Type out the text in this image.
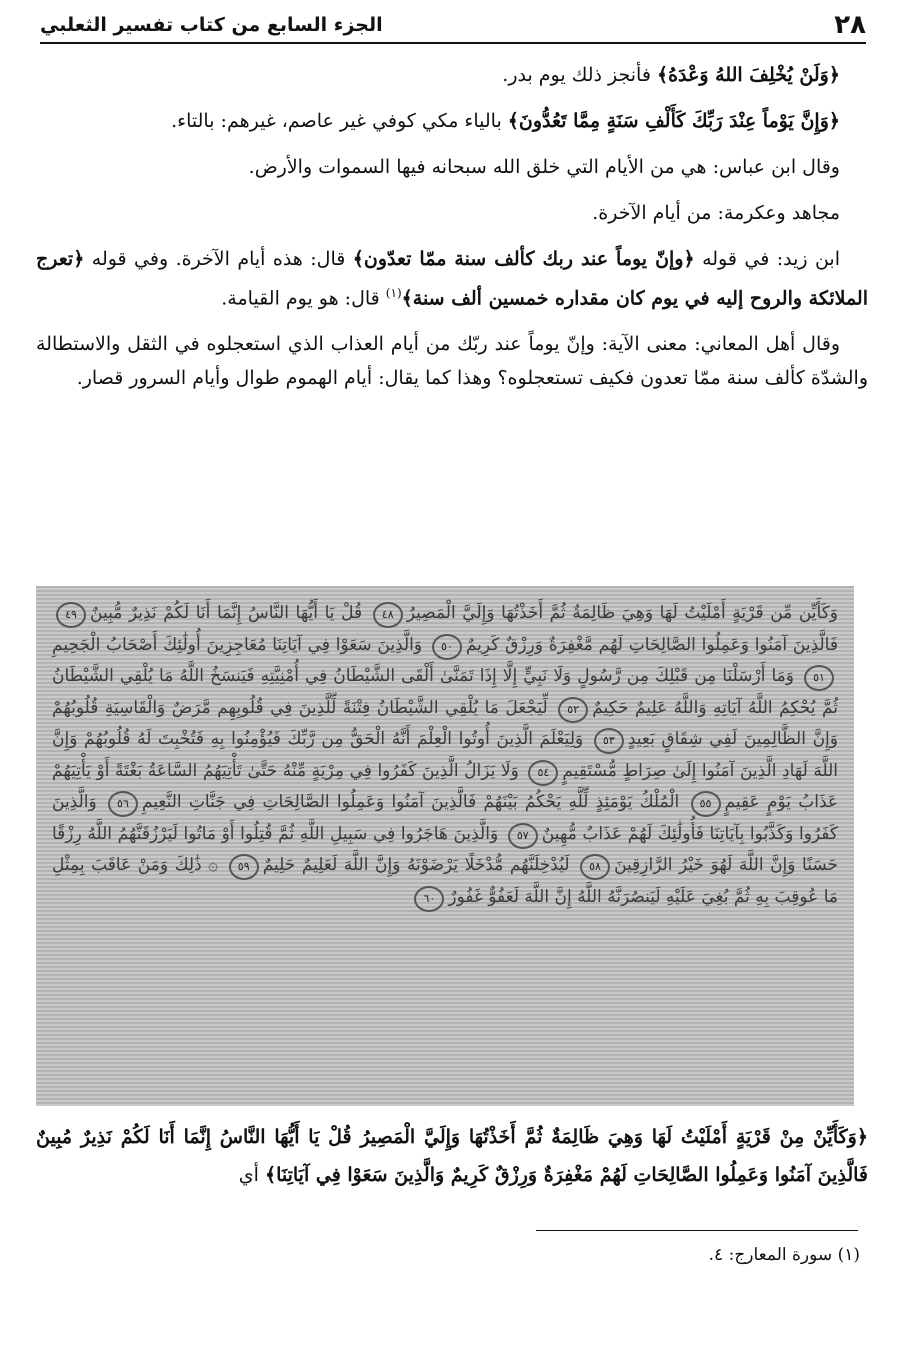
٢٨
الجزء السابع من كتاب تفسير الثعلبي

﴿وَلَنْ يُخْلِفَ اللهُ وَعْدَهُ﴾ فأنجز ذلك يوم بدر.

﴿وَإِنَّ يَوْماً عِنْدَ رَبِّكَ كَأَلْفِ سَنَةٍ مِمَّا تَعُدُّونَ﴾ بالياء مكي كوفي غير عاصم، غيرهم: بالتاء.

وقال ابن عباس: هي من الأيام التي خلق الله سبحانه فيها السموات والأرض.

مجاهد وعكرمة: من أيام الآخرة.

ابن زيد: في قوله ﴿وإنّ يوماً عند ربك كألف سنة ممّا تعدّون﴾ قال: هذه أيام الآخرة. وفي قوله ﴿تعرج الملائكة والروح إليه في يوم كان مقداره خمسين ألف سنة﴾$^{(١)}$ قال: هو يوم القيامة.

وقال أهل المعاني: معنى الآية: وإنّ يوماً عند ربّك من أيام العذاب الذي استعجلوه في الثقل والاستطالة والشدّة كألف سنة ممّا تعدون فكيف تستعجلوه؟ وهذا كما يقال: أيام الهموم طوال وأيام السرور قصار.

وَكَأَيِّن مِّن قَرْيَةٍ أَمْلَيْتُ لَهَا وَهِيَ ظَالِمَةٌ ثُمَّ أَخَذْتُهَا وَإِلَيَّ الْمَصِيرُ٤٨ قُلْ يَا أَيُّهَا النَّاسُ إِنَّمَا أَنَا لَكُمْ نَذِيرٌ مُّبِينٌ٤٩ فَالَّذِينَ آمَنُوا وَعَمِلُوا الصَّالِحَاتِ لَهُم مَّغْفِرَةٌ وَرِزْقٌ كَرِيمٌ٥٠ وَالَّذِينَ سَعَوْا فِي آيَاتِنَا مُعَاجِزِينَ أُولَٰئِكَ أَصْحَابُ الْجَحِيمِ٥١ وَمَا أَرْسَلْنَا مِن قَبْلِكَ مِن رَّسُولٍ وَلَا نَبِيٍّ إِلَّا إِذَا تَمَنَّىٰ أَلْقَى الشَّيْطَانُ فِي أُمْنِيَّتِهِ فَيَنسَخُ اللَّهُ مَا يُلْقِي الشَّيْطَانُ ثُمَّ يُحْكِمُ اللَّهُ آيَاتِهِ وَاللَّهُ عَلِيمٌ حَكِيمٌ٥٢ لِّيَجْعَلَ مَا يُلْقِي الشَّيْطَانُ فِتْنَةً لِّلَّذِينَ فِي قُلُوبِهِم مَّرَضٌ وَالْقَاسِيَةِ قُلُوبُهُمْ وَإِنَّ الظَّالِمِينَ لَفِي شِقَاقٍ بَعِيدٍ٥٣ وَلِيَعْلَمَ الَّذِينَ أُوتُوا الْعِلْمَ أَنَّهُ الْحَقُّ مِن رَّبِّكَ فَيُؤْمِنُوا بِهِ فَتُخْبِتَ لَهُ قُلُوبُهُمْ وَإِنَّ اللَّهَ لَهَادِ الَّذِينَ آمَنُوا إِلَىٰ صِرَاطٍ مُّسْتَقِيمٍ٥٤ وَلَا يَزَالُ الَّذِينَ كَفَرُوا فِي مِرْيَةٍ مِّنْهُ حَتَّىٰ تَأْتِيَهُمُ السَّاعَةُ بَغْتَةً أَوْ يَأْتِيَهُمْ عَذَابُ يَوْمٍ عَقِيمٍ٥٥ الْمُلْكُ يَوْمَئِذٍ لِّلَّهِ يَحْكُمُ بَيْنَهُمْ فَالَّذِينَ آمَنُوا وَعَمِلُوا الصَّالِحَاتِ فِي جَنَّاتِ النَّعِيمِ٥٦ وَالَّذِينَ كَفَرُوا وَكَذَّبُوا بِآيَاتِنَا فَأُولَٰئِكَ لَهُمْ عَذَابٌ مُّهِينٌ٥٧ وَالَّذِينَ هَاجَرُوا فِي سَبِيلِ اللَّهِ ثُمَّ قُتِلُوا أَوْ مَاتُوا لَيَرْزُقَنَّهُمُ اللَّهُ رِزْقًا حَسَنًا وَإِنَّ اللَّهَ لَهُوَ خَيْرُ الرَّازِقِينَ٥٨ لَيُدْخِلَنَّهُم مُّدْخَلًا يَرْضَوْنَهُ وَإِنَّ اللَّهَ لَعَلِيمٌ حَلِيمٌ٥٩ ۞ ذَٰلِكَ وَمَنْ عَاقَبَ بِمِثْلِ مَا عُوقِبَ بِهِ ثُمَّ بُغِيَ عَلَيْهِ لَيَنصُرَنَّهُ اللَّهُ إِنَّ اللَّهَ لَعَفُوٌّ غَفُورٌ٦٠
﴿وَكَأَيِّنْ مِنْ قَرْيَةٍ أَمْلَيْتُ لَهَا وَهِيَ ظَالِمَةٌ ثُمَّ أَخَذْتُهَا وَإِلَيَّ الْمَصِيرُ قُلْ يَا أَيُّهَا النَّاسُ إِنَّمَا أَنَا لَكُمْ نَذِيرٌ مُبِينٌ فَالَّذِينَ آمَنُوا وَعَمِلُوا الصَّالِحَاتِ لَهُمْ مَغْفِرَةٌ وَرِزْقٌ كَرِيمٌ وَالَّذِينَ سَعَوْا فِي آيَاتِنَا﴾ أي
(١) سورة المعارج: ٤.
